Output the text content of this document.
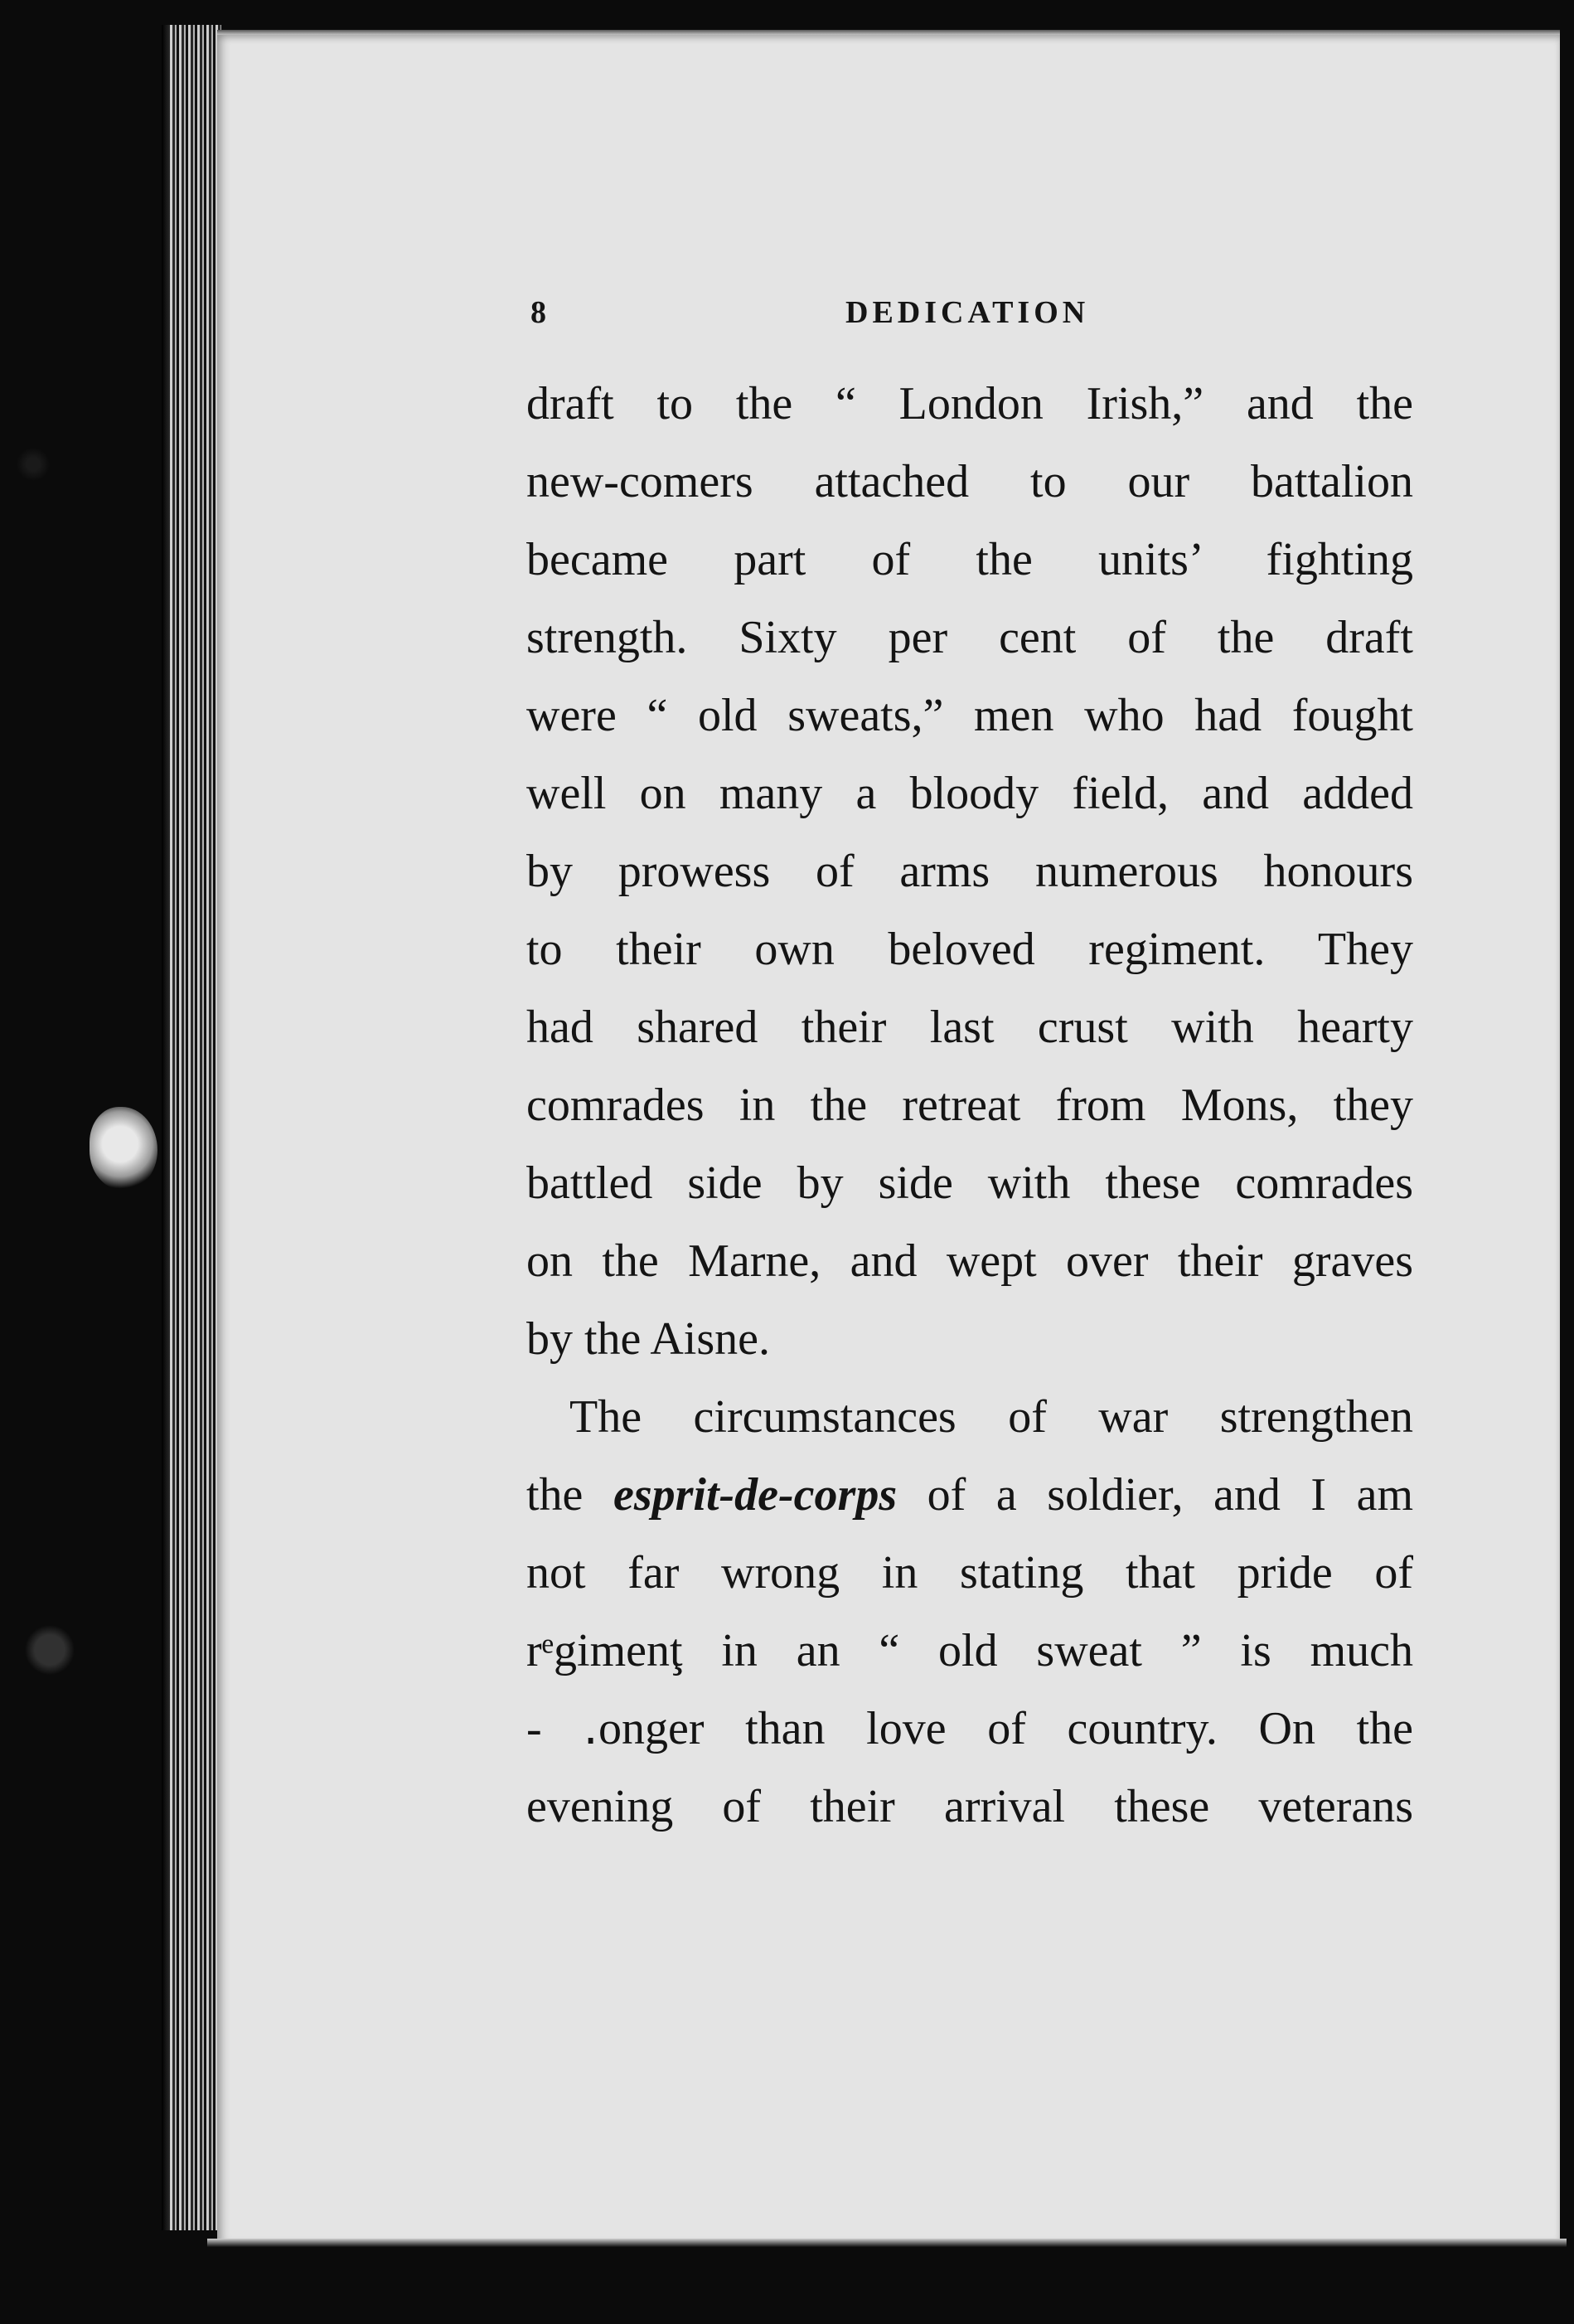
8	DEDICATION
draft to the “ London Irish,” and the
new-comers attached to our battalion
became part of the units’ fighting
strength. Sixty per cent of the draft
were “ old sweats,” men who had fought
well on many a bloody field, and added
by prowess of arms numerous honours
to their own beloved regiment. They
had shared their last crust with hearty
comrades in the retreat from Mons, they
battled side by side with these comrades
on the Marne, and wept over their graves
by the Aisne.
The circumstances of war strengthen
the esprit-de-corps of a soldier, and I am
not far wrong in stating that pride of
rᵉgimenţ in an “ old sweat ” is much
- ․onger than love of country. On the
evening of their arrival these veterans
